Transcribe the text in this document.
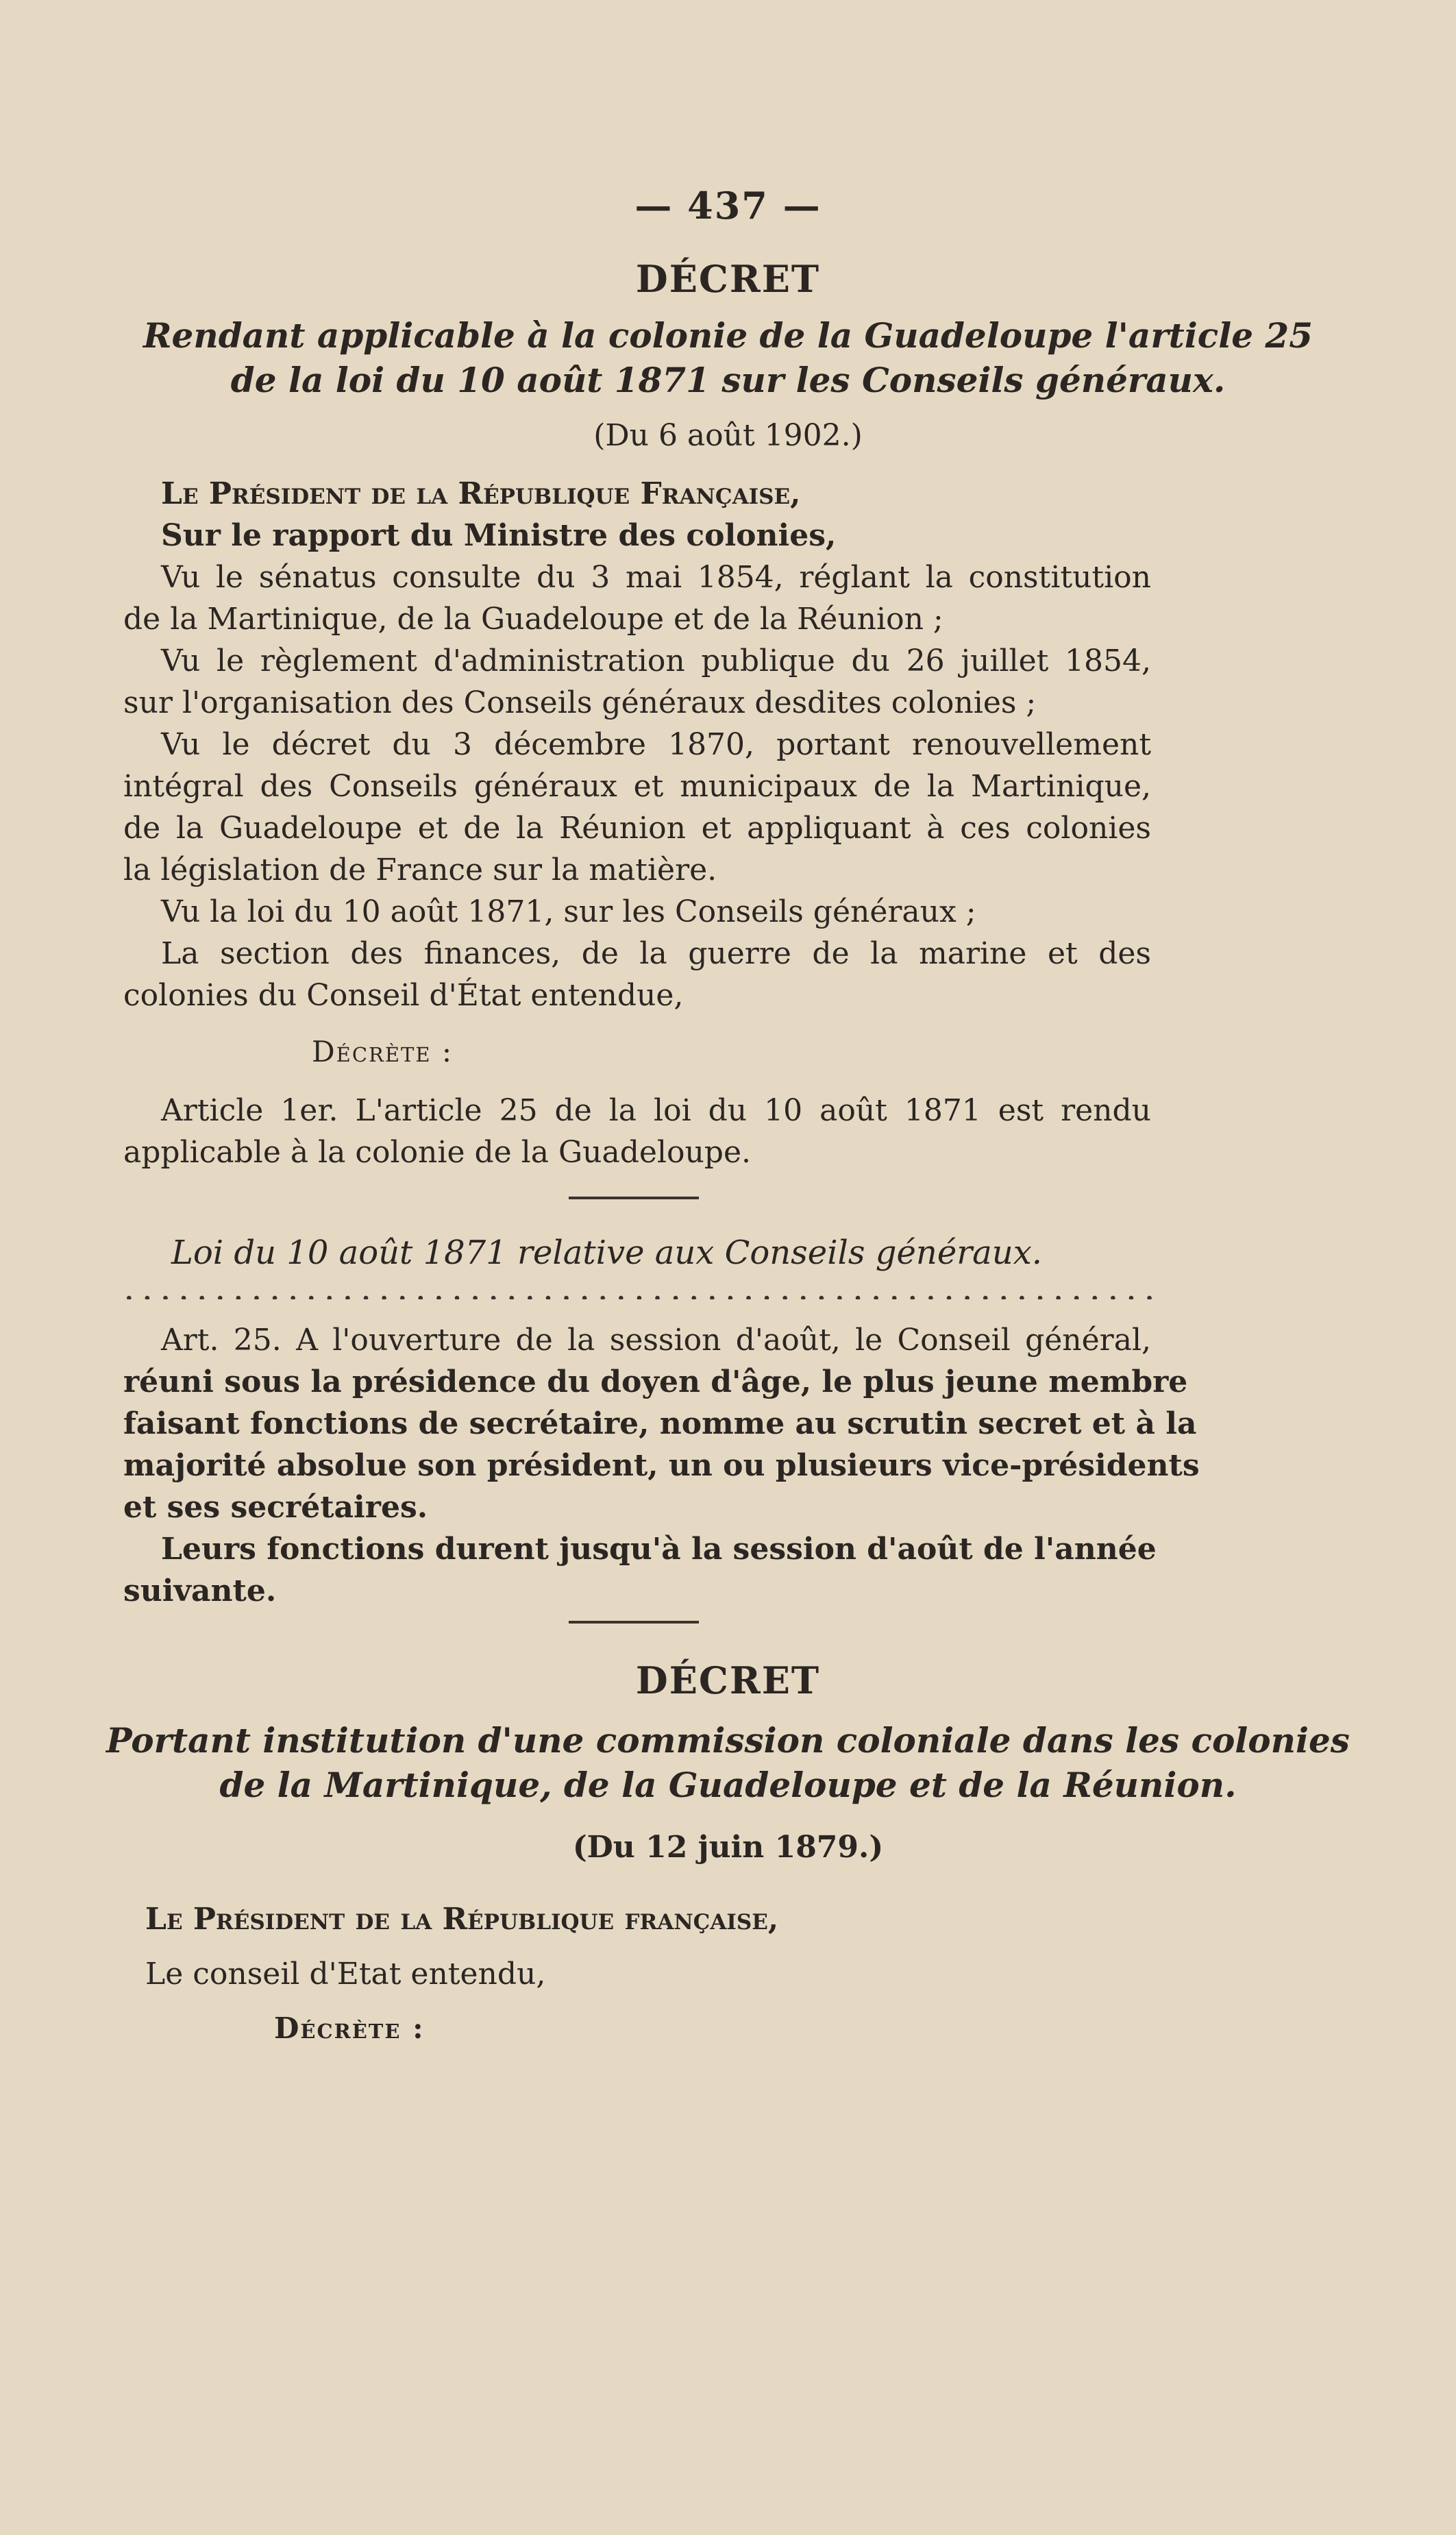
— 437 —
DÉCRET
Rendant applicable à la colonie de la Guadeloupe l'article 25
de la loi du 10 août 1871 sur les Conseils généraux.
(Du 6 août 1902.)
Le Président de la République Française,
Sur le rapport du Ministre des colonies,
Vu le sénatus consulte du 3 mai 1854, réglant la constitution
de la Martinique, de la Guadeloupe et de la Réunion ;
Vu le règlement d'administration publique du 26 juillet 1854,
sur l'organisation des Conseils généraux desdites colonies ;
Vu le décret du 3 décembre 1870, portant renouvellement
intégral des Conseils généraux et municipaux de la Martinique,
de la Guadeloupe et de la Réunion et appliquant à ces colonies
la législation de France sur la matière.
Vu la loi du 10 août 1871, sur les Conseils généraux ;
La section des finances, de la guerre de la marine et des
colonies du Conseil d'État entendue,
Décrète :
Article 1er. L'article 25 de la loi du 10 août 1871 est rendu
applicable à la colonie de la Guadeloupe.
Loi du 10 août 1871 relative aux Conseils généraux.
Art. 25. A l'ouverture de la session d'août, le Conseil général,
réuni sous la présidence du doyen d'âge, le plus jeune membre
faisant fonctions de secrétaire, nomme au scrutin secret et à la
majorité absolue son président, un ou plusieurs vice-présidents
et ses secrétaires.
Leurs fonctions durent jusqu'à la session d'août de l'année
suivante.
DÉCRET
Portant institution d'une commission coloniale dans les colonies
de la Martinique, de la Guadeloupe et de la Réunion.
(Du 12 juin 1879.)
Le Président de la République française,
Le conseil d'Etat entendu,
Décrète :
